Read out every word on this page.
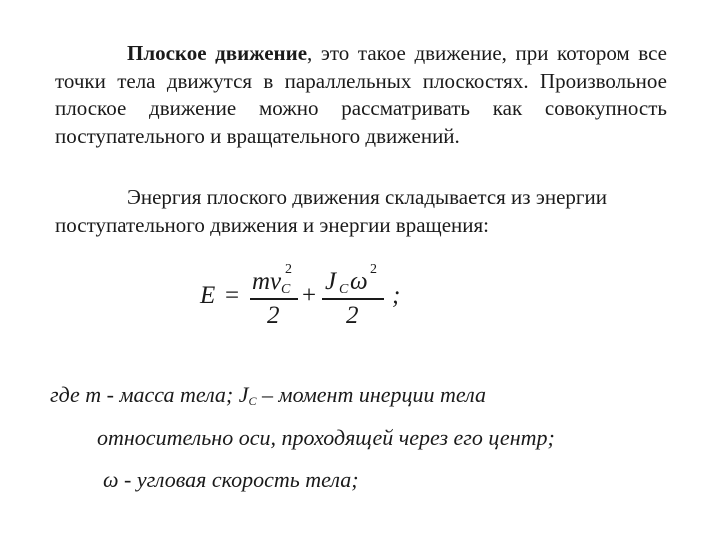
Плоское движение, это такое движение, при котором все точки тела движутся в параллельных плоскостях. Произвольное плоское движение можно рассматривать как совокупность поступательного и вращательного движений.

Энергия плоского движения складывается из энергии поступательного движения и энергии вращения:

E =
mv C
2
2
+
J C ω 2
2
;
где m - масса тела; JC – момент инерции тела
относительно оси, проходящей через его центр;
ω - угловая скорость тела;
